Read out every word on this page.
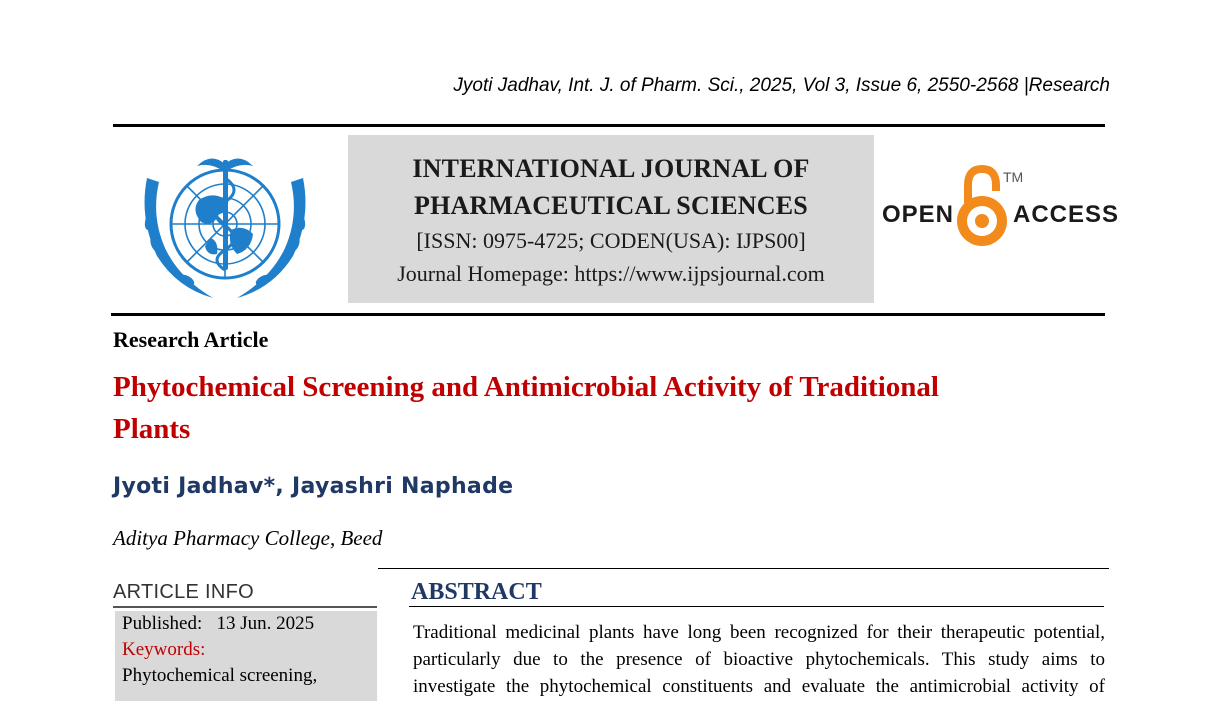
Jyoti Jadhav, Int. J. of Pharm. Sci., 2025, Vol 3, Issue 6, 2550-2568 |Research
INTERNATIONAL JOURNAL OF
PHARMACEUTICAL SCIENCES
[ISSN: 0975-4725; CODEN(USA): IJPS00]
Journal Homepage: https://www.ijpsjournal.com
OPEN
TM
ACCESS
Research Article
Phytochemical Screening and Antimicrobial Activity of Traditional
Plants
Jyoti Jadhav*, Jayashri Naphade
Aditya Pharmacy College, Beed
ARTICLE INFO
Published: 13 Jun. 2025
Keywords:
Phytochemical screening,
ABSTRACT
Traditional medicinal plants have long been recognized for their therapeutic potential,
particularly due to the presence of bioactive phytochemicals. This study aims to
investigate the phytochemical constituents and evaluate the antimicrobial activity of
